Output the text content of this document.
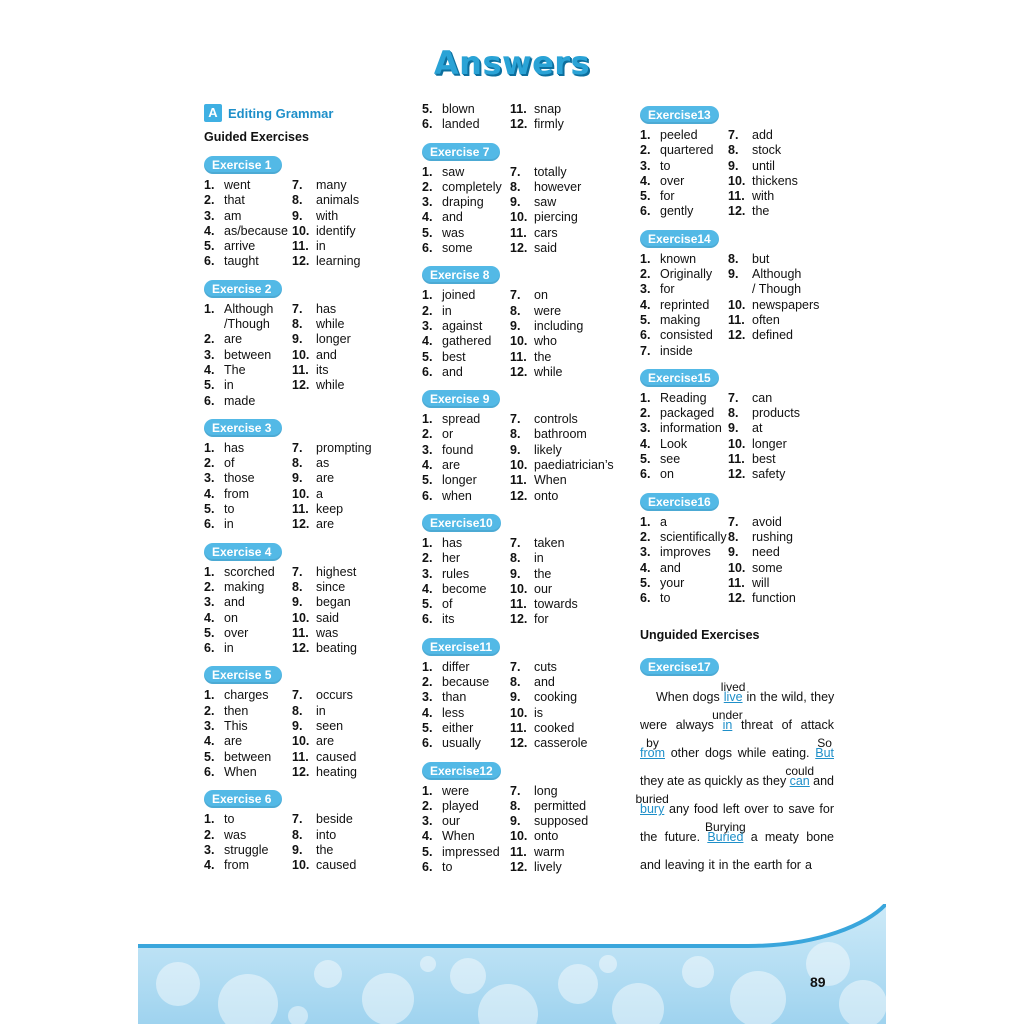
Answers
A Editing Grammar
Guided Exercises
Exercise 1
1. went	7.	many
2. that	8.	animals
3. am	9.	with
4. as/because 10. identify
5. arrive	11. in
6. taught	12. learning
Exercise 2
1. Although 7.	has
/Though 8.	while
2. are	9.	longer
3. between 10. and
4. The	11. its
5. in	12. while
6. made
Exercise 3
1. has	7.	prompting
2. of	8.	as
3. those	9.	are
4. from	10. a
5. to	11. keep
6. in	12. are
Exercise 4
1. scorched 7.	highest
2. making 8.	since
3. and	9.	began
4. on	10. said
5. over	11. was
6. in	12. beating
Exercise 5
1. charges 7.	occurs
2. then	8.	in
3. This	9.	seen
4. are	10. are
5. between 11. caused
6. When	12. heating
Exercise 6
1. to	7.	beside
2. was	8.	into
3. struggle 9.	the
4. from	10. caused
5. blown	11. snap
6. landed 12. firmly
Exercise 7
1. saw	7.	totally
2. completely 8.	however
3. draping 9.	saw
4. and	10. piercing
5. was	11. cars
6. some	12. said
Exercise 8
1. joined	7.	on
2. in	8.	were
3. against 9.	including
4. gathered 10. who
5. best	11. the
6. and	12. while
Exercise 9
1. spread 7.	controls
2. or	8.	bathroom
3. found	9.	likely
4. are	10. paediatrician’s
5. longer	11. When
6. when	12. onto
Exercise10
1. has	7.	taken
2. her	8.	in
3. rules	9.	the
4. become 10. our
5. of	11. towards
6. its	12. for
Exercise11
1. differ	7.	cuts
2. because 8.	and
3. than	9.	cooking
4. less	10. is
5. either	11. cooked
6. usually 12. casserole
Exercise12
1. were	7.	long
2. played 8.	permitted
3. our	9.	supposed
4. When	10. onto
5. impressed 11. warm
6. to	12. lively
Exercise13
1. peeled 7.	add
2. quartered 8.	stock
3. to	9.	until
4. over	10. thickens
5. for	11. with
6. gently	12. the
Exercise14
1. known	8.	but
2. Originally 9.	Although
3. for	/ Though
4. reprinted 10. newspapers
5. making 11. often
6. consisted 12. defined
7. inside
Exercise15
1. Reading 7.	can
2. packaged 8.	products
3. information 9.	at
4. Look	10. longer
5. see	11. best
6. on	12. safety
Exercise16
1. a	7.	avoid
2. scientifically 8.	rushing
3. improves 9.	need
4. and	10. some
5. your	11. will
6. to	12. function
Unguided Exercises
Exercise17
When dogs live
lived
in the wild, they
were always in
under
threat of attack
from
by
other dogs while eating. But
So
they ate as quickly as they can
could
and
bury
buried
any food left over to save for
the future. Buried
Burying
a meaty bone
and leaving it in the earth for a
89
